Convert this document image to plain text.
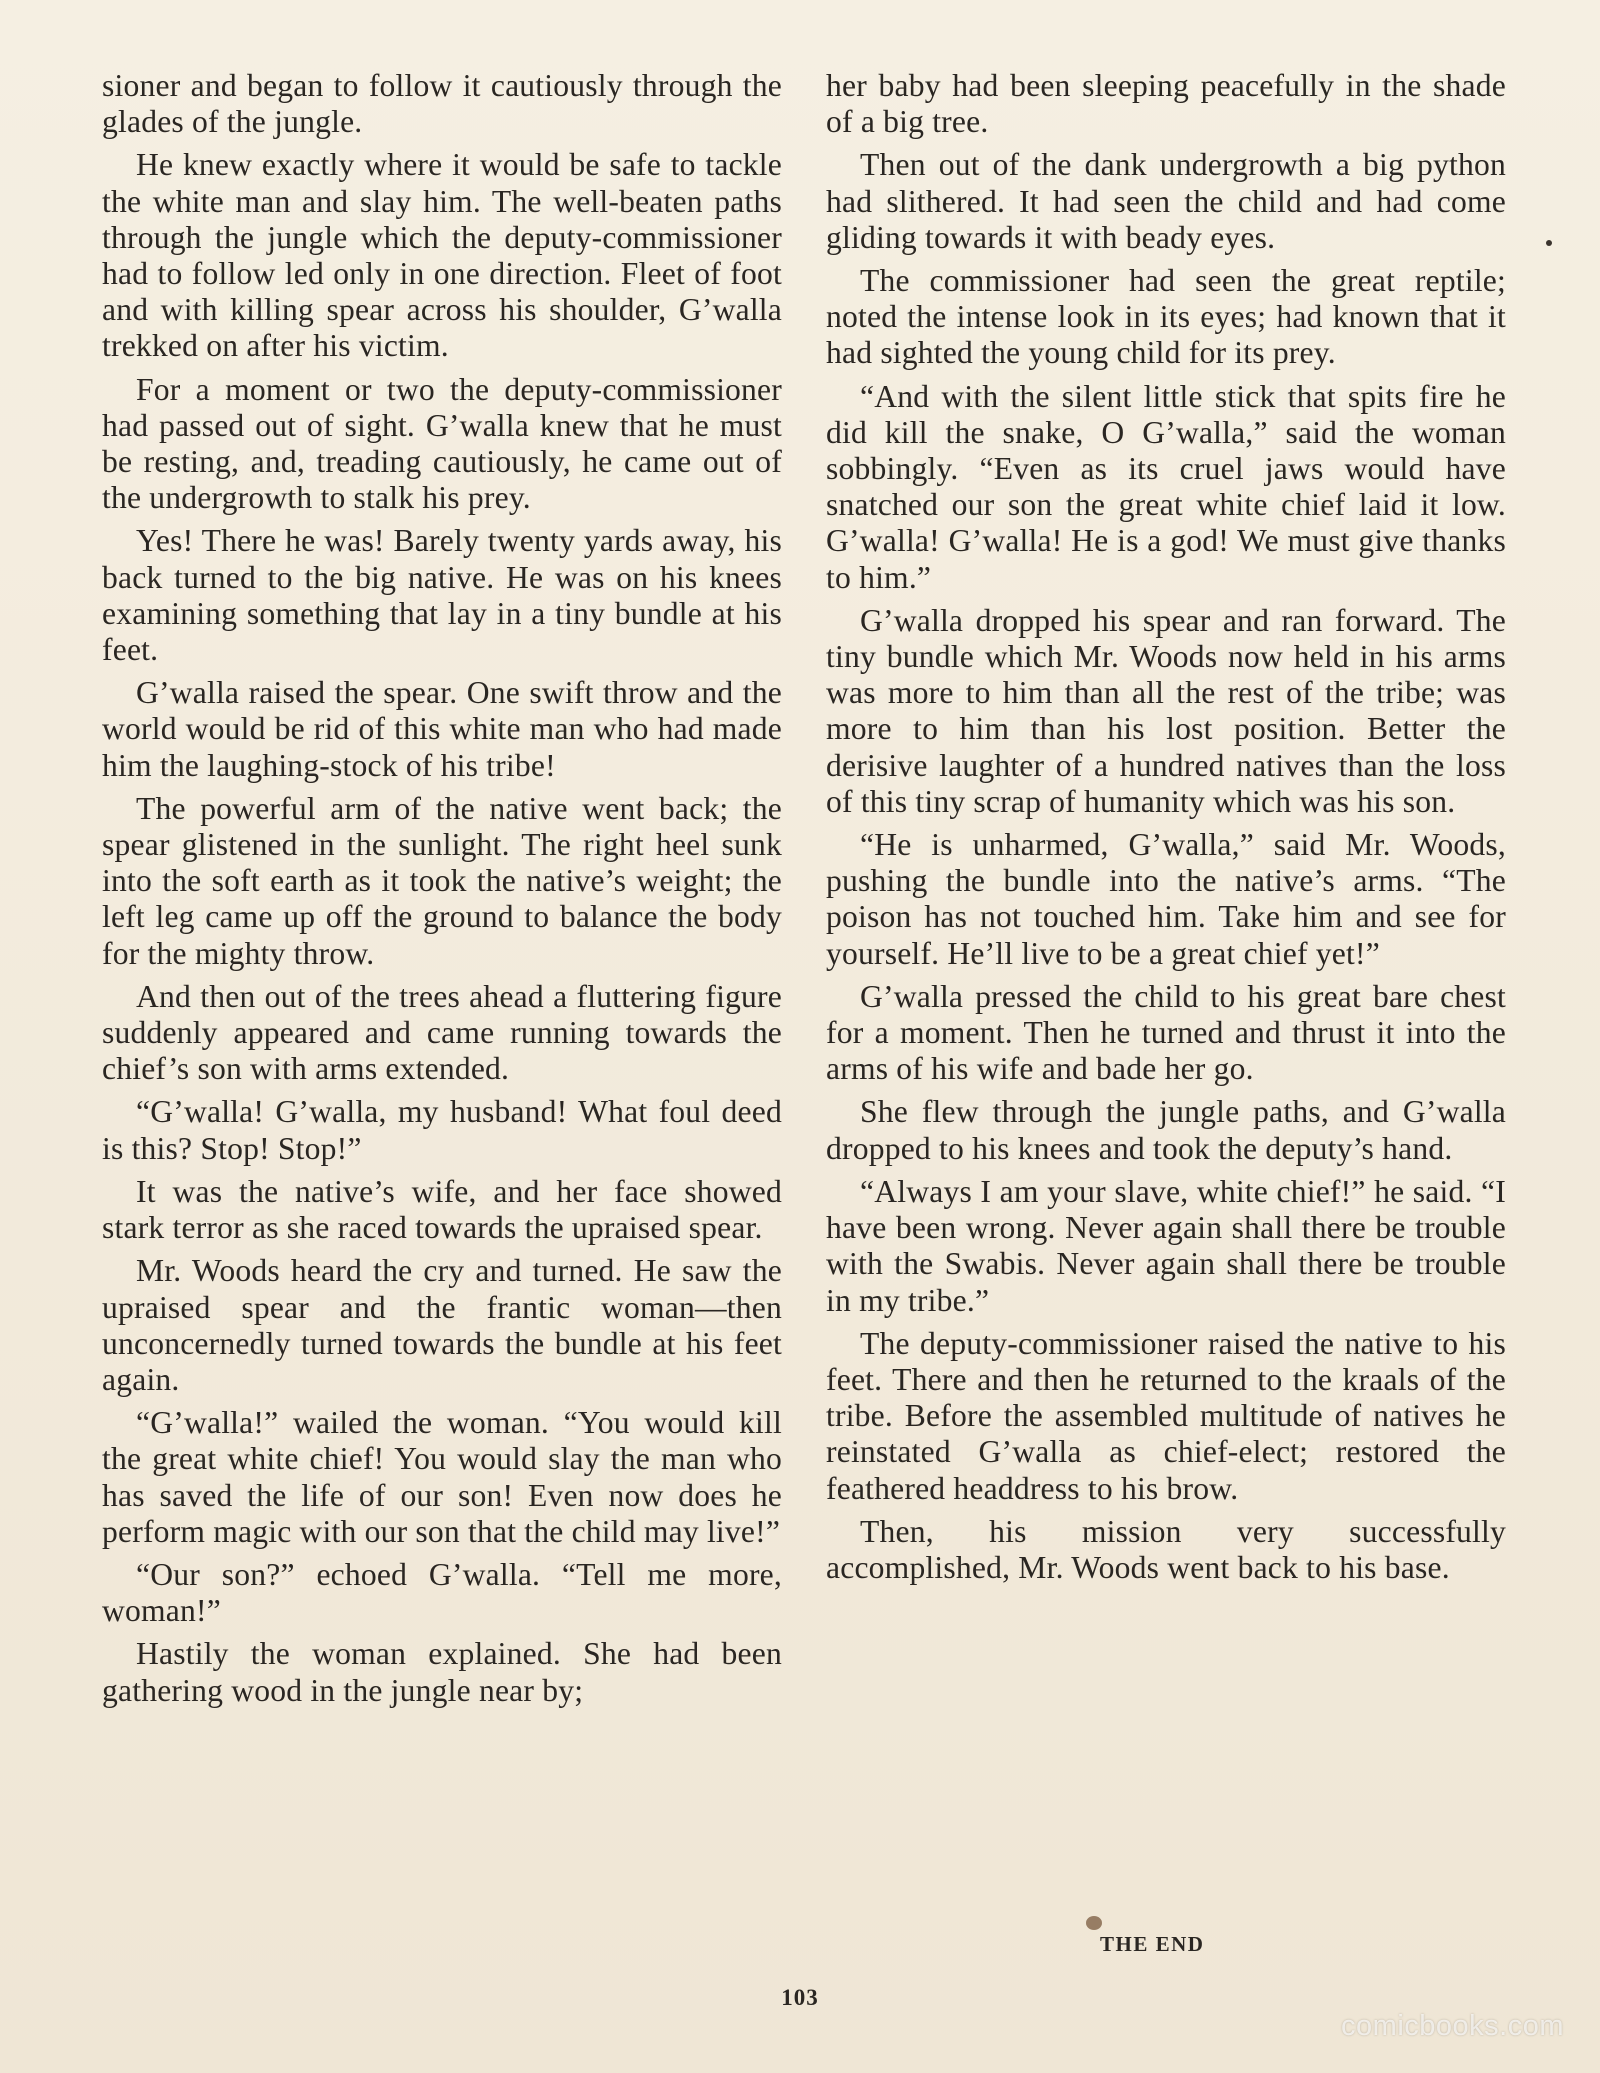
sioner and began to follow it cautiously through the glades of the jungle.

He knew exactly where it would be safe to tackle the white man and slay him. The well-beaten paths through the jungle which the deputy-commissioner had to follow led only in one direction. Fleet of foot and with killing spear across his shoulder, G’walla trekked on after his victim.

For a moment or two the deputy-commissioner had passed out of sight. G’walla knew that he must be resting, and, treading cautiously, he came out of the undergrowth to stalk his prey.

Yes! There he was! Barely twenty yards away, his back turned to the big native. He was on his knees examining something that lay in a tiny bundle at his feet.

G’walla raised the spear. One swift throw and the world would be rid of this white man who had made him the laughing-stock of his tribe!

The powerful arm of the native went back; the spear glistened in the sunlight. The right heel sunk into the soft earth as it took the native’s weight; the left leg came up off the ground to balance the body for the mighty throw.

And then out of the trees ahead a fluttering figure suddenly appeared and came running towards the chief’s son with arms extended.

“G’walla! G’walla, my husband! What foul deed is this? Stop! Stop!”

It was the native’s wife, and her face showed stark terror as she raced towards the upraised spear.

Mr. Woods heard the cry and turned. He saw the upraised spear and the frantic woman—then unconcernedly turned towards the bundle at his feet again.

“G’walla!” wailed the woman. “You would kill the great white chief! You would slay the man who has saved the life of our son! Even now does he perform magic with our son that the child may live!”

“Our son?” echoed G’walla. “Tell me more, woman!”

Hastily the woman explained. She had been gathering wood in the jungle near by;

her baby had been sleeping peacefully in the shade of a big tree.

Then out of the dank undergrowth a big python had slithered. It had seen the child and had come gliding towards it with beady eyes.

The commissioner had seen the great reptile; noted the intense look in its eyes; had known that it had sighted the young child for its prey.

“And with the silent little stick that spits fire he did kill the snake, O G’walla,” said the woman sobbingly. “Even as its cruel jaws would have snatched our son the great white chief laid it low. G’walla! G’walla! He is a god! We must give thanks to him.”

G’walla dropped his spear and ran forward. The tiny bundle which Mr. Woods now held in his arms was more to him than all the rest of the tribe; was more to him than his lost position. Better the derisive laughter of a hundred natives than the loss of this tiny scrap of humanity which was his son.

“He is unharmed, G’walla,” said Mr. Woods, pushing the bundle into the native’s arms. “The poison has not touched him. Take him and see for yourself. He’ll live to be a great chief yet!”

G’walla pressed the child to his great bare chest for a moment. Then he turned and thrust it into the arms of his wife and bade her go.

She flew through the jungle paths, and G’walla dropped to his knees and took the deputy’s hand.

“Always I am your slave, white chief!” he said. “I have been wrong. Never again shall there be trouble with the Swabis. Never again shall there be trouble in my tribe.”

The deputy-commissioner raised the native to his feet. There and then he returned to the kraals of the tribe. Before the assembled multitude of natives he reinstated G’walla as chief-elect; restored the feathered headdress to his brow.

Then, his mission very successfully accomplished, Mr. Woods went back to his base.

THE END
103
comicbooks.com
